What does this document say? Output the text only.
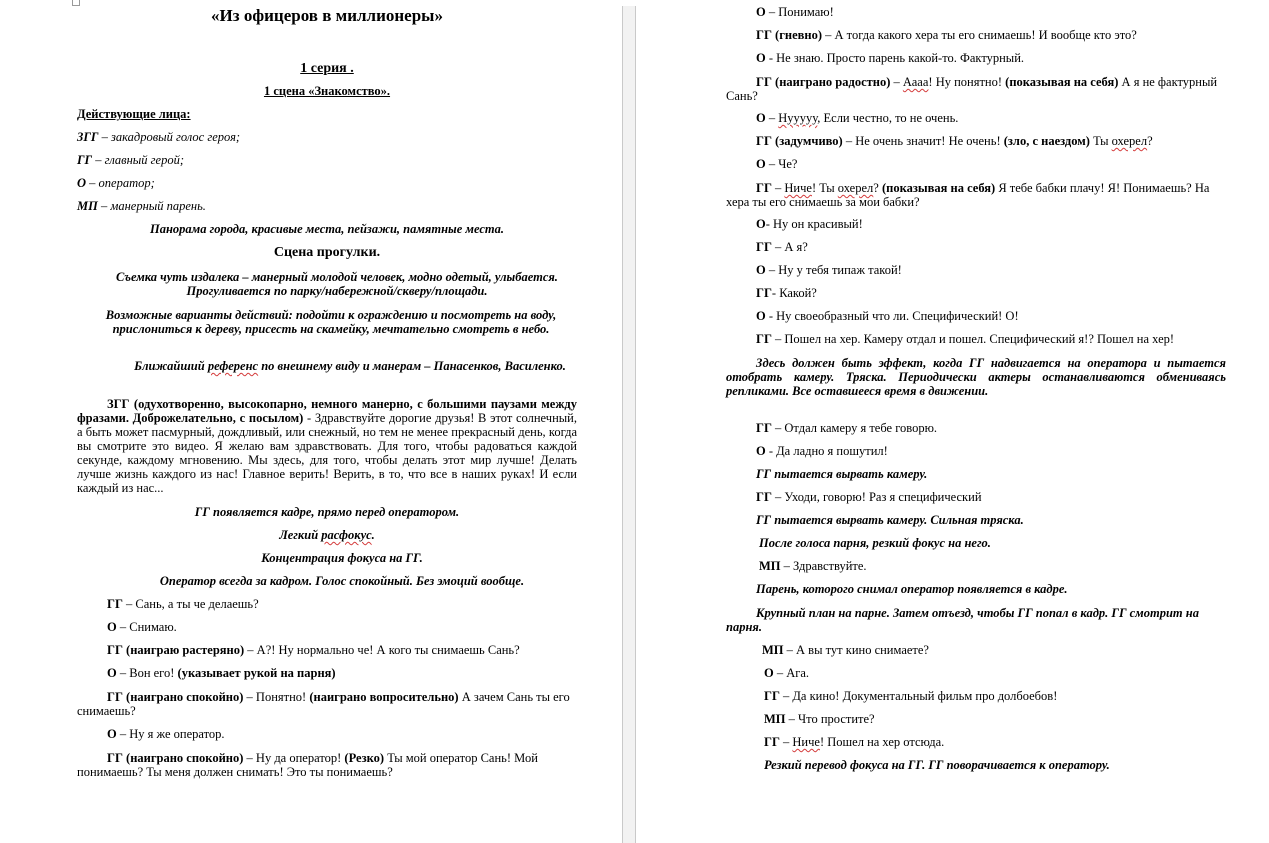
«Из офицеров в миллионеры»
1 серия .
1 сцена «Знакомство».
Действующие лица:
ЗГГ – закадровый голос героя;
ГГ – главный герой;
О – оператор;
МП – манерный парень.
Панорама города, красивые места, пейзажи, памятные места.
Сцена прогулки.
Съемка чуть издалека – манерный молодой человек, модно одетый, улыбается. Прогуливается по парку/набережной/скверу/площади.
Возможные варианты действий: подойти к ограждению и посмотреть на воду, прислониться к дереву, присесть на скамейку, мечтательно смотреть в небо.
Ближайший референс по внешнему виду и манерам – Панасенков, Василенко.
ЗГГ (одухотворенно, высокопарно, немного манерно, с большими паузами между фразами. Доброжелательно, с посылом) - Здравствуйте дорогие друзья! В этот солнечный, а быть может пасмурный, дождливый, или снежный, но тем не менее прекрасный день, когда вы смотрите это видео. Я желаю вам здравствовать. Для того, чтобы радоваться каждой секунде, каждому мгновению. Мы здесь, для того, чтобы делать этот мир лучше! Делать лучше жизнь каждого из нас! Главное верить! Верить, в то, что все в наших руках! И если каждый из нас...
ГГ появляется кадре, прямо перед оператором.
Легкий расфокус.
Концентрация фокуса на ГГ.
Оператор всегда за кадром. Голос спокойный. Без эмоций вообще.
ГГ – Сань, а ты че делаешь?
О – Снимаю.
ГГ (наиграю растеряно) – А?! Ну нормально че! А кого ты снимаешь Сань?
О – Вон его! (указывает рукой на парня)
ГГ (наиграно спокойно) – Понятно! (наиграно вопросительно) А зачем Сань ты его снимаешь?
О – Ну я же оператор.
ГГ (наиграно спокойно) – Ну да оператор! (Резко) Ты мой оператор Сань! Мой понимаешь? Ты меня должен снимать! Это ты понимаешь?
О – Понимаю!
ГГ (гневно) – А тогда какого хера ты его снимаешь! И вообще кто это?
О - Не знаю. Просто парень какой-то. Фактурный.
ГГ (наиграно радостно) – Аааа! Ну понятно! (показывая на себя) А я не фактурный Сань?
О – Нууууу, Если честно, то не очень.
ГГ (задумчиво) – Не очень значит! Не очень! (зло, с наездом) Ты охерел?
О – Че?
ГГ – Ниче! Ты охерел? (показывая на себя) Я тебе бабки плачу! Я! Понимаешь? На хера ты его снимаешь за мои бабки?
О- Ну он красивый!
ГГ – А я?
О – Ну у тебя типаж такой!
ГГ- Какой?
О - Ну своеобразный что ли. Специфический! О!
ГГ – Пошел на хер. Камеру отдал и пошел. Специфический я!? Пошел на хер!
Здесь должен быть эффект, когда ГГ надвигается на оператора и пытается отобрать камеру. Тряска. Периодически актеры останавливаются обмениваясь репликами. Все оставшееся время в движении.
ГГ – Отдал камеру я тебе говорю.
О - Да ладно я пошутил!
ГГ пытается вырвать камеру.
ГГ – Уходи, говорю! Раз я специфический
ГГ пытается вырвать камеру. Сильная тряска.
После голоса парня, резкий фокус на него.
МП – Здравствуйте.
Парень, которого снимал оператор появляется в кадре.
Крупный план на парне. Затем отъезд, чтобы ГГ попал в кадр. ГГ смотрит на парня.
МП – А вы тут кино снимаете?
О – Ага.
ГГ – Да кино! Документальный фильм про долбоебов!
МП – Что простите?
ГГ – Ниче! Пошел на хер отсюда.
Резкий перевод фокуса на ГГ. ГГ поворачивается к оператору.
